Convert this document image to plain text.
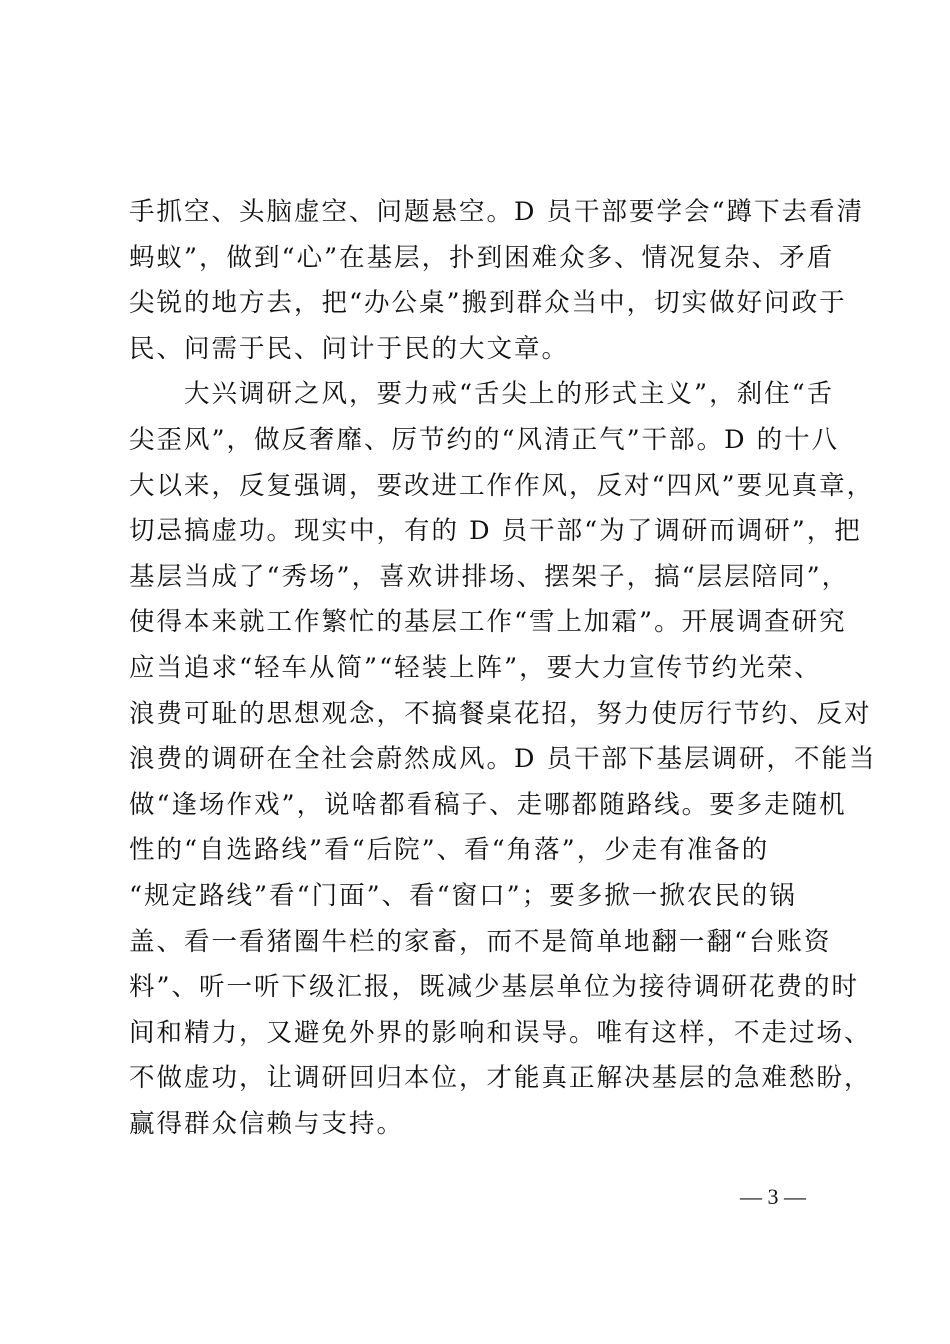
手抓空、头脑虚空、问题悬空。D 员干部要学会“蹲下去看清
蚂蚁”，做到“心”在基层，扑到困难众多、情况复杂、矛盾
尖锐的地方去，把“办公桌”搬到群众当中，切实做好问政于
民、问需于民、问计于民的大文章。
　　大兴调研之风，要力戒“舌尖上的形式主义”，刹住“舌
尖歪风”，做反奢靡、厉节约的“风清正气”干部。D 的十八
大以来，反复强调，要改进工作作风，反对“四风”要见真章，
切忌搞虚功。现实中，有的 D 员干部“为了调研而调研”，把
基层当成了“秀场”，喜欢讲排场、摆架子，搞“层层陪同”，
使得本来就工作繁忙的基层工作“雪上加霜”。开展调查研究
应当追求“轻车从简”“轻装上阵”，要大力宣传节约光荣、
浪费可耻的思想观念，不搞餐桌花招，努力使厉行节约、反对
浪费的调研在全社会蔚然成风。D 员干部下基层调研，不能当
做“逢场作戏”，说啥都看稿子、走哪都随路线。要多走随机
性的“自选路线”看“后院”、看“角落”，少走有准备的
“规定路线”看“门面”、看“窗口”；要多掀一掀农民的锅
盖、看一看猪圈牛栏的家畜，而不是简单地翻一翻“台账资
料”、听一听下级汇报，既减少基层单位为接待调研花费的时
间和精力，又避免外界的影响和误导。唯有这样，不走过场、
不做虚功，让调研回归本位，才能真正解决基层的急难愁盼，
赢得群众信赖与支持。
— 3 —
